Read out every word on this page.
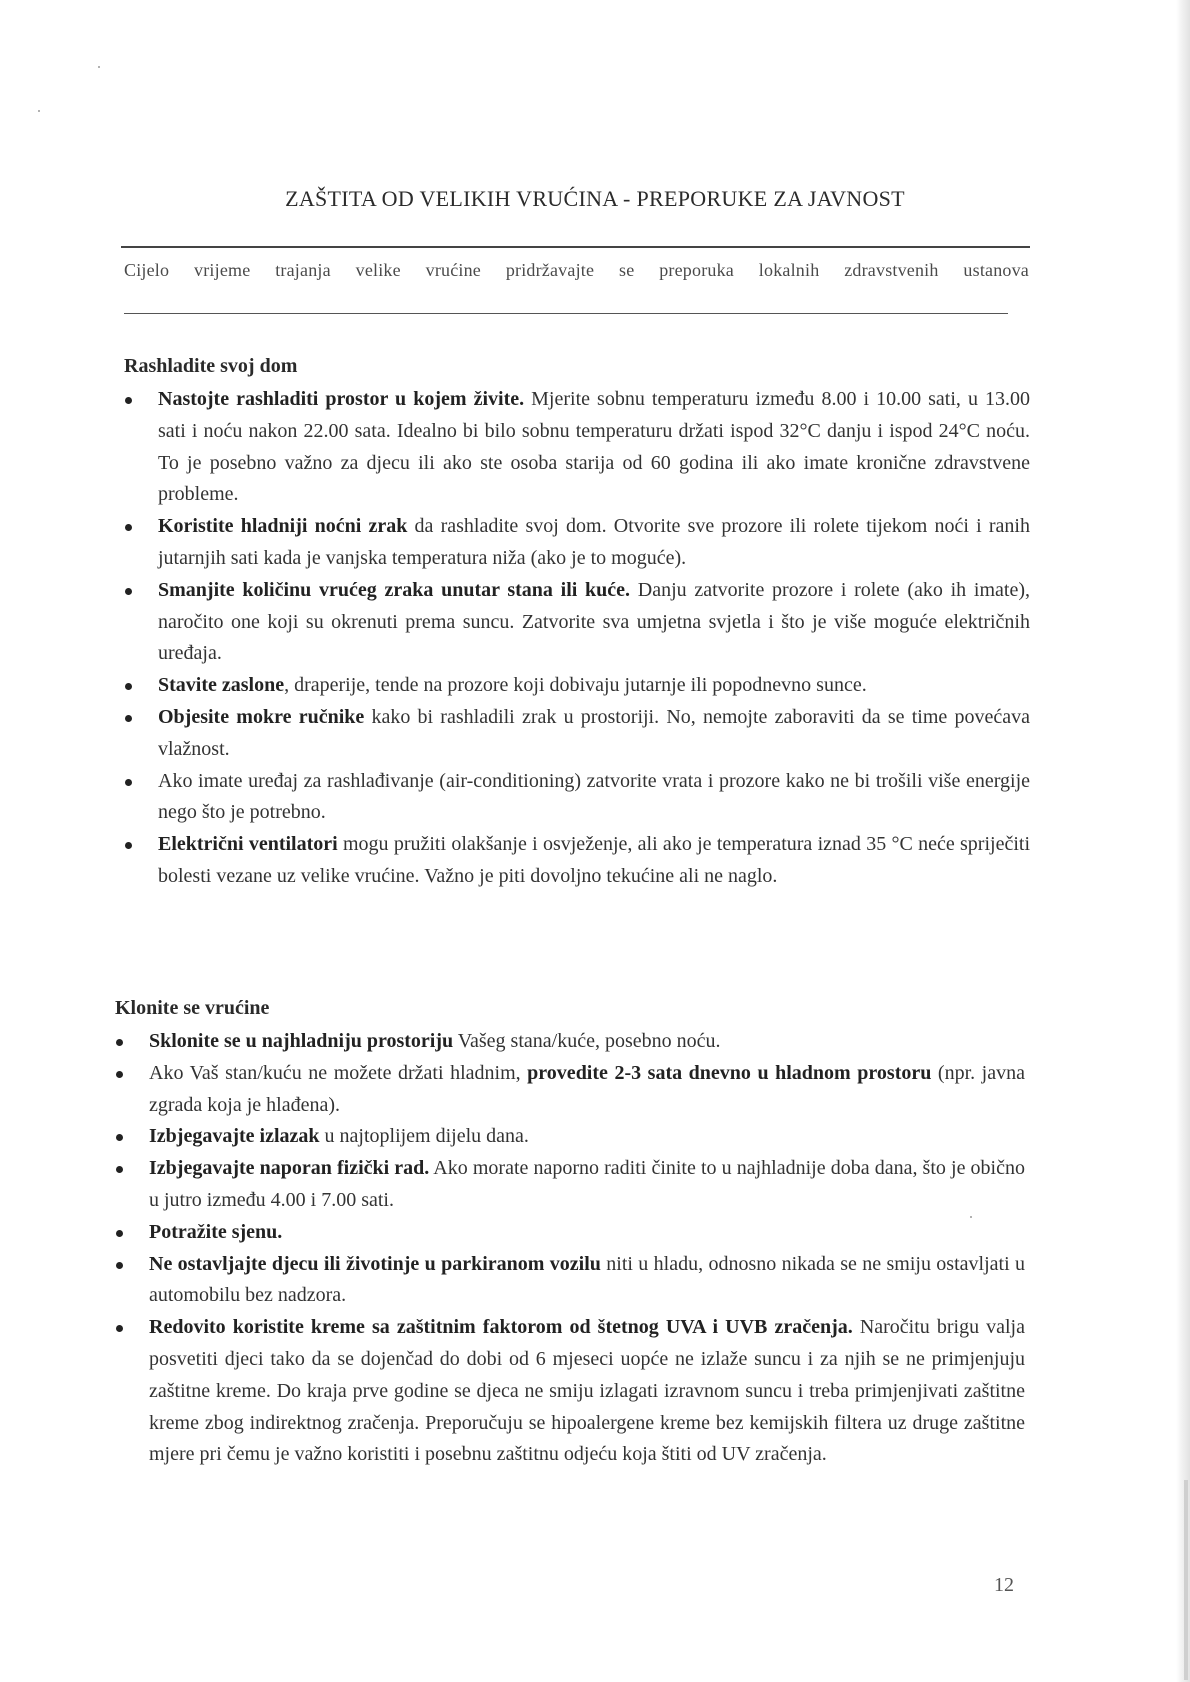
ZAŠTITA OD VELIKIH VRUĆINA - PREPORUKE ZA JAVNOST
Cijelo vrijeme trajanja velike vrućine pridržavajte se preporuka lokalnih zdravstvenih ustanova
Rashladite svoj dom
Nastojte rashladiti prostor u kojem živite. Mjerite sobnu temperaturu između 8.00 i 10.00 sati, u 13.00 sati i noću nakon 22.00 sata. Idealno bi bilo sobnu temperaturu držati ispod 32°C danju i ispod 24°C noću. To je posebno važno za djecu ili ako ste osoba starija od 60 godina ili ako imate kronične zdravstvene probleme.
Koristite hladniji noćni zrak da rashladite svoj dom. Otvorite sve prozore ili rolete tijekom noći i ranih jutarnjih sati kada je vanjska temperatura niža (ako je to moguće).
Smanjite količinu vrućeg zraka unutar stana ili kuće. Danju zatvorite prozore i rolete (ako ih imate), naročito one koji su okrenuti prema suncu. Zatvorite sva umjetna svjetla i što je više moguće električnih uređaja.
Stavite zaslone, draperije, tende na prozore koji dobivaju jutarnje ili popodnevno sunce.
Objesite mokre ručnike kako bi rashladili zrak u prostoriji. No, nemojte zaboraviti da se time povećava vlažnost.
Ako imate uređaj za rashlađivanje (air-conditioning) zatvorite vrata i prozore kako ne bi trošili više energije nego što je potrebno.
Električni ventilatori mogu pružiti olakšanje i osvježenje, ali ako je temperatura iznad 35 °C neće spriječiti bolesti vezane uz velike vrućine. Važno je piti dovoljno tekućine ali ne naglo.
Klonite se vrućine
Sklonite se u najhladniju prostoriju Vašeg stana/kuće, posebno noću.
Ako Vaš stan/kuću ne možete držati hladnim, provedite 2-3 sata dnevno u hladnom prostoru (npr. javna zgrada koja je hlađena).
Izbjegavajte izlazak u najtoplijem dijelu dana.
Izbjegavajte naporan fizički rad. Ako morate naporno raditi činite to u najhladnije doba dana, što je obično u jutro između 4.00 i 7.00 sati.
Potražite sjenu.
Ne ostavljajte djecu ili životinje u parkiranom vozilu niti u hladu, odnosno nikada se ne smiju ostavljati u automobilu bez nadzora.
Redovito koristite kreme sa zaštitnim faktorom od štetnog UVA i UVB zračenja. Naročitu brigu valja posvetiti djeci tako da se dojenčad do dobi od 6 mjeseci uopće ne izlaže suncu i za njih se ne primjenjuju zaštitne kreme. Do kraja prve godine se djeca ne smiju izlagati izravnom suncu i treba primjenjivati zaštitne kreme zbog indirektnog zračenja. Preporučuju se hipoalergene kreme bez kemijskih filtera uz druge zaštitne mjere pri čemu je važno koristiti i posebnu zaštitnu odjeću koja štiti od UV zračenja.
12
